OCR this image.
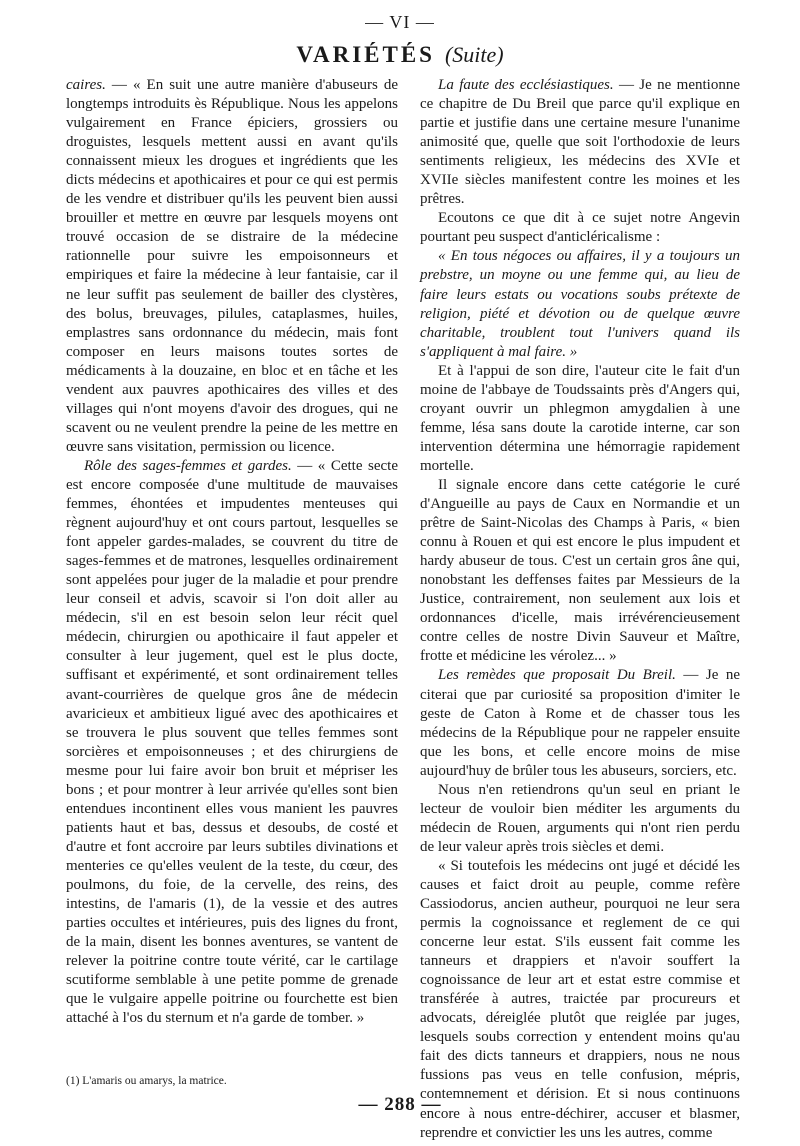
— VI —
VARIÉTÉS (Suite)

caires. — « En suit une autre manière d'abuseurs de longtemps introduits ès République. Nous les appelons vulgairement en France épiciers, grossiers ou droguistes, lesquels mettent aussi en avant qu'ils connaissent mieux les drogues et ingrédients que les dicts médecins et apothicaires et pour ce qui est permis de les vendre et distribuer qu'ils les peuvent bien aussi brouiller et mettre en œuvre par lesquels moyens ont trouvé occasion de se distraire de la médecine rationnelle pour suivre les empoisonneurs et empiriques et faire la médecine à leur fantaisie, car il ne leur suffit pas seulement de bailler des clystères, des bolus, breuvages, pilules, cataplasmes, huiles, emplastres sans ordonnance du médecin, mais font composer en leurs maisons toutes sortes de médicaments à la douzaine, en bloc et en tâche et les vendent aux pauvres apothicaires des villes et des villages qui n'ont moyens d'avoir des drogues, qui ne scavent ou ne veulent prendre la peine de les mettre en œuvre sans visitation, permission ou licence.

Rôle des sages-femmes et gardes. — « Cette secte est encore composée d'une multitude de mauvaises femmes, éhontées et impudentes menteuses qui règnent aujourd'huy et ont cours partout, lesquelles se font appeler gardes-malades, se couvrent du titre de sages-femmes et de matrones, lesquelles ordinairement sont appelées pour juger de la maladie et pour prendre leur conseil et advis, scavoir si l'on doit aller au médecin, s'il en est besoin selon leur récit quel médecin, chirurgien ou apothicaire il faut appeler et consulter à leur jugement, quel est le plus docte, suffisant et expérimenté, et sont ordinairement telles avant-courrières de quelque gros âne de médecin avaricieux et ambitieux ligué avec des apothicaires et se trouvera le plus souvent que telles femmes sont sorcières et empoisonneuses ; et des chirurgiens de mesme pour lui faire avoir bon bruit et mépriser les bons ; et pour montrer à leur arrivée qu'elles sont bien entendues incontinent elles vous manient les pauvres patients haut et bas, dessus et desoubs, de costé et d'autre et font accroire par leurs subtiles divinations et menteries ce qu'elles veulent de la teste, du cœur, des poulmons, du foie, de la cervelle, des reins, des intestins, de l'amaris (1), de la vessie et des autres parties occultes et intérieures, puis des lignes du front, de la main, disent les bonnes aventures, se vantent de relever la poitrine contre toute vérité, car le cartilage scutiforme semblable à une petite pomme de grenade que le vulgaire appelle poitrine ou fourchette est bien attaché à l'os du sternum et n'a garde de tomber. »

La faute des ecclésiastiques. — Je ne mentionne ce chapitre de Du Breil que parce qu'il explique en partie et justifie dans une certaine mesure l'unanime animosité que, quelle que soit l'orthodoxie de leurs sentiments religieux, les médecins des XVIe et XVIIe siècles manifestent contre les moines et les prêtres.

Ecoutons ce que dit à ce sujet notre Angevin pourtant peu suspect d'anticléricalisme :

« En tous négoces ou affaires, il y a toujours un prebstre, un moyne ou une femme qui, au lieu de faire leurs estats ou vocations soubs prétexte de religion, piété et dévotion ou de quelque œuvre charitable, troublent tout l'univers quand ils s'appliquent à mal faire. »

Et à l'appui de son dire, l'auteur cite le fait d'un moine de l'abbaye de Toudssaints près d'Angers qui, croyant ouvrir un phlegmon amygdalien à une femme, lésa sans doute la carotide interne, car son intervention détermina une hémorragie rapidement mortelle.

Il signale encore dans cette catégorie le curé d'Angueille au pays de Caux en Normandie et un prêtre de Saint-Nicolas des Champs à Paris, « bien connu à Rouen et qui est encore le plus impudent et hardy abuseur de tous. C'est un certain gros âne qui, nonobstant les deffenses faites par Messieurs de la Justice, contrairement, non seulement aux lois et ordonnances d'icelle, mais irrévérencieusement contre celles de nostre Divin Sauveur et Maître, frotte et médicine les vérolez... »

Les remèdes que proposait Du Breil. — Je ne citerai que par curiosité sa proposition d'imiter le geste de Caton à Rome et de chasser tous les médecins de la République pour ne rappeler ensuite que les bons, et celle encore moins de mise aujourd'huy de brûler tous les abuseurs, sorciers, etc.

Nous n'en retiendrons qu'un seul en priant le lecteur de vouloir bien méditer les arguments du médecin de Rouen, arguments qui n'ont rien perdu de leur valeur après trois siècles et demi.

« Si toutefois les médecins ont jugé et décidé les causes et faict droit au peuple, comme refère Cassiodorus, ancien autheur, pourquoi ne leur sera permis la cognoissance et reglement de ce qui concerne leur estat. S'ils eussent fait comme les tanneurs et drappiers et n'avoir souffert la cognoissance de leur art et estat estre commise et transférée à autres, traictée par procureurs et advocats, déreiglée plutôt que reiglée par juges, lesquels soubs correction y entendent moins qu'au fait des dicts tanneurs et drappiers, nous ne nous fussions pas veus en telle confusion, mépris, contemnement et dérision. Et si nous continuons encore à nous entre-déchirer, accuser et blasmer, reprendre et convictier les uns les autres, comme

(1) L'amaris ou amarys, la matrice.
— 288 —
